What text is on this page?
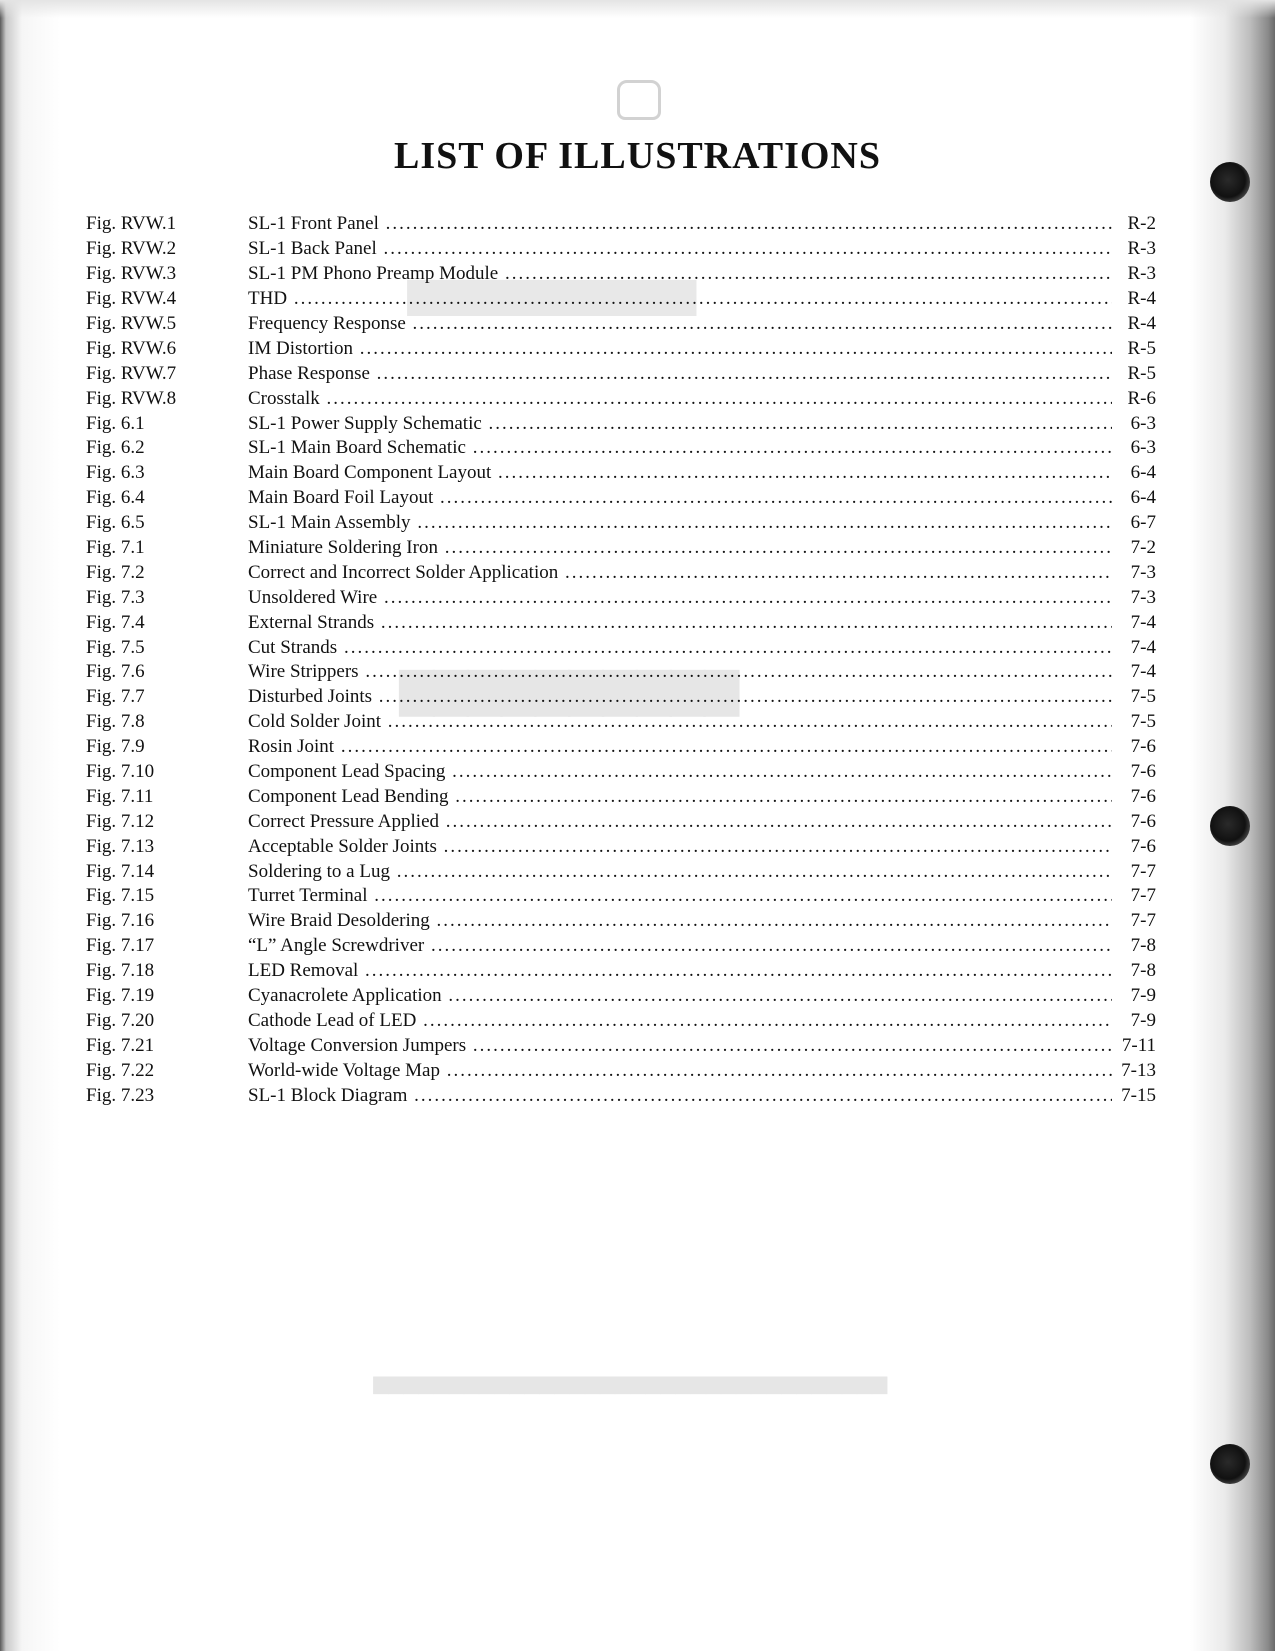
▇▇▇▇▇▇▇▇▇▇▇
▇▇▇▇▇▇▇▇▇▇
▆▆▆▆▆▆▆▆▆▆▆▆▆▆▆▆▆▆▆▆▆▆▆▆▆▆▆▆▆▆▆▆▆▆
LIST OF ILLUSTRATIONS
Fig. RVW.1	SL-1 Front Panel .....	R-2
Fig. RVW.2	SL-1 Back Panel .....	R-3
Fig. RVW.3	SL-1 PM Phono Preamp Module .....	R-3
Fig. RVW.4	THD .....	R-4
Fig. RVW.5	Frequency Response .....	R-4
Fig. RVW.6	IM Distortion .....	R-5
Fig. RVW.7	Phase Response .....	R-5
Fig. RVW.8	Crosstalk .....	R-6
Fig. 6.1	SL-1 Power Supply Schematic .....	6-3
Fig. 6.2	SL-1 Main Board Schematic .....	6-3
Fig. 6.3	Main Board Component Layout .....	6-4
Fig. 6.4	Main Board Foil Layout .....	6-4
Fig. 6.5	SL-1 Main Assembly .....	6-7
Fig. 7.1	Miniature Soldering Iron .....	7-2
Fig. 7.2	Correct and Incorrect Solder Application .....	7-3
Fig. 7.3	Unsoldered Wire .....	7-3
Fig. 7.4	External Strands .....	7-4
Fig. 7.5	Cut Strands .....	7-4
Fig. 7.6	Wire Strippers .....	7-4
Fig. 7.7	Disturbed Joints .....	7-5
Fig. 7.8	Cold Solder Joint .....	7-5
Fig. 7.9	Rosin Joint .....	7-6
Fig. 7.10	Component Lead Spacing .....	7-6
Fig. 7.11	Component Lead Bending .....	7-6
Fig. 7.12	Correct Pressure Applied .....	7-6
Fig. 7.13	Acceptable Solder Joints .....	7-6
Fig. 7.14	Soldering to a Lug .....	7-7
Fig. 7.15	Turret Terminal .....	7-7
Fig. 7.16	Wire Braid Desoldering .....	7-7
Fig. 7.17	“L” Angle Screwdriver .....	7-8
Fig. 7.18	LED Removal .....	7-8
Fig. 7.19	Cyanacrolete Application .....	7-9
Fig. 7.20	Cathode Lead of LED .....	7-9
Fig. 7.21	Voltage Conversion Jumpers .....	7-11
Fig. 7.22	World-wide Voltage Map .....	7-13
Fig. 7.23	SL-1 Block Diagram .....	7-15
